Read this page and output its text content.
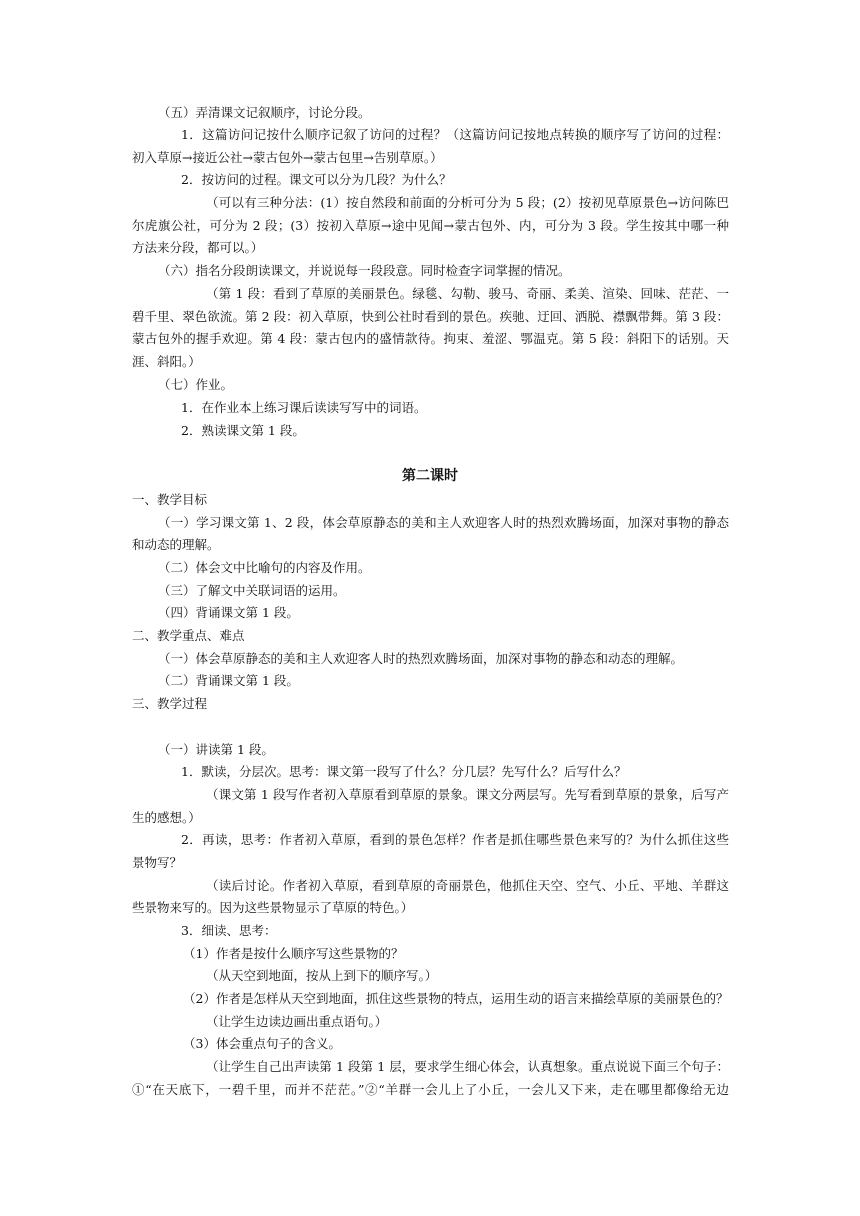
（五）弄清课文记叙顺序，讨论分段。
1．这篇访问记按什么顺序记叙了访问的过程？（这篇访问记按地点转换的顺序写了访问的过程：
初入草原→接近公社→蒙古包外→蒙古包里→告别草原。）
2．按访问的过程。课文可以分为几段？为什么？
（可以有三种分法：(1）按自然段和前面的分析可分为 5 段；(2）按初见草原景色→访问陈巴
尔虎旗公社，可分为 2 段；(3）按初入草原→途中见闻→蒙古包外、内，可分为 3 段。学生按其中哪一种
方法来分段，都可以。）
（六）指名分段朗读课文，并说说每一段段意。同时检查字词掌握的情况。
（第 1 段：看到了草原的美丽景色。绿毯、勾勒、骏马、奇丽、柔美、渲染、回味、茫茫、一
碧千里、翠色欲流。第 2 段：初入草原，快到公社时看到的景色。疾驰、迂回、洒脱、襟飘带舞。第 3 段：
蒙古包外的握手欢迎。第 4 段：蒙古包内的盛情款待。拘束、羞涩、鄂温克。第 5 段：斜阳下的话别。天
涯、斜阳。）
（七）作业。
1．在作业本上练习课后读读写写中的词语。
2．熟读课文第 1 段。
第二课时
一、教学目标
（一）学习课文第 1、2 段，体会草原静态的美和主人欢迎客人时的热烈欢腾场面，加深对事物的静态
和动态的理解。
（二）体会文中比喻句的内容及作用。
（三）了解文中关联词语的运用。
（四）背诵课文第 1 段。
二、教学重点、难点
（一）体会草原静态的美和主人欢迎客人时的热烈欢腾场面，加深对事物的静态和动态的理解。
（二）背诵课文第 1 段。
三、教学过程
（一）讲读第 1 段。
1．默读，分层次。思考：课文第一段写了什么？分几层？先写什么？后写什么？
（课文第 1 段写作者初入草原看到草原的景象。课文分两层写。先写看到草原的景象，后写产
生的感想。）
2．再读，思考：作者初入草原，看到的景色怎样？作者是抓住哪些景色来写的？为什么抓住这些
景物写？
（读后讨论。作者初入草原，看到草原的奇丽景色，他抓住天空、空气、小丘、平地、羊群这
些景物来写的。因为这些景物显示了草原的特色。）
3．细读、思考：
（1）作者是按什么顺序写这些景物的？
（从天空到地面，按从上到下的顺序写。）
（2）作者是怎样从天空到地面，抓住这些景物的特点，运用生动的语言来描绘草原的美丽景色的？
（让学生边读边画出重点语句。）
（3）体会重点句子的含义。
（让学生自己出声读第 1 段第 1 层，要求学生细心体会，认真想象。重点说说下面三个句子：
①“在天底下，一碧千里，而并不茫茫。”②“羊群一会儿上了小丘，一会儿又下来，走在哪里都像给无边
